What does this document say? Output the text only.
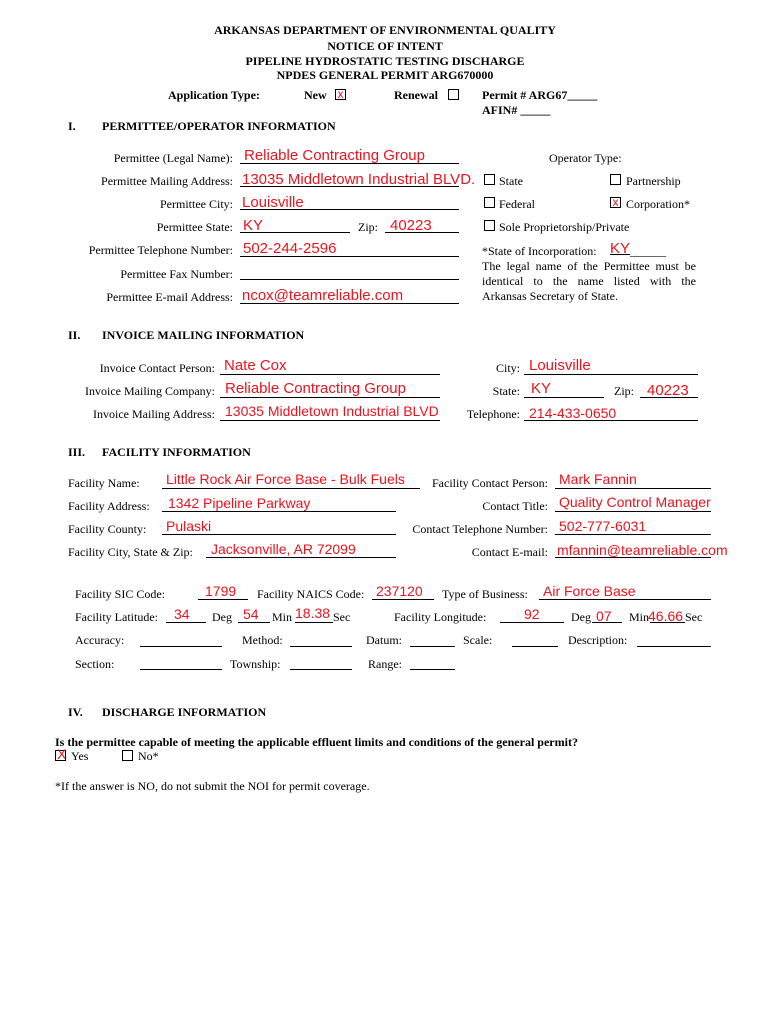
ARKANSAS DEPARTMENT OF ENVIRONMENTAL QUALITY
NOTICE OF INTENT
PIPELINE HYDROSTATIC TESTING DISCHARGE
NPDES GENERAL PERMIT ARG670000
Application Type:	New x	Renewal	Permit # ARG67_____
AFIN# _____
I. PERMITTEE/OPERATOR INFORMATION
Permittee (Legal Name): Reliable Contracting Group
Permittee Mailing Address: 13035 Middletown Industrial BLVD.
Permittee City: Louisville
Permittee State: KY	Zip: 40223
Permittee Telephone Number: 502-244-2596
Permittee Fax Number:
Permittee E-mail Address: ncox@teamreliable.com
Operator Type:
State	Partnership
Federal	x Corporation*
Sole Proprietorship/Private
*State of Incorporation: KY ______
The legal name of the Permittee must be identical to the name listed with the Arkansas Secretary of State.
II. INVOICE MAILING INFORMATION
Invoice Contact Person: Nate Cox
Invoice Mailing Company: Reliable Contracting Group
Invoice Mailing Address: 13035 Middletown Industrial BLVD
City: Louisville
State: KY	Zip: 40223
Telephone: 214-433-0650
III. FACILITY INFORMATION
Facility Name: Little Rock Air Force Base - Bulk Fuels
Facility Address: 1342 Pipeline Parkway
Facility County: Pulaski
Facility City, State & Zip: Jacksonville, AR 72099
Facility Contact Person: Mark Fannin
Contact Title: Quality Control Manager
Contact Telephone Number: 502-777-6031
Contact E-mail: mfannin@teamreliable.com
Facility SIC Code:	1799 Facility NAICS Code: 237120 Type of Business: Air Force Base
Facility Latitude: 34 Deg 54 Min 18.38 Sec	Facility Longitude:	92	Deg 07 Min
46.66 Sec
Accuracy:	Method:	Datum:	Scale:	Description:
Section:	Township:	Range:
IV. DISCHARGE INFORMATION
Is the permittee capable of meeting the applicable effluent limits and conditions of the general permit?
X Yes	No*
*If the answer is NO, do not submit the NOI for permit coverage.
